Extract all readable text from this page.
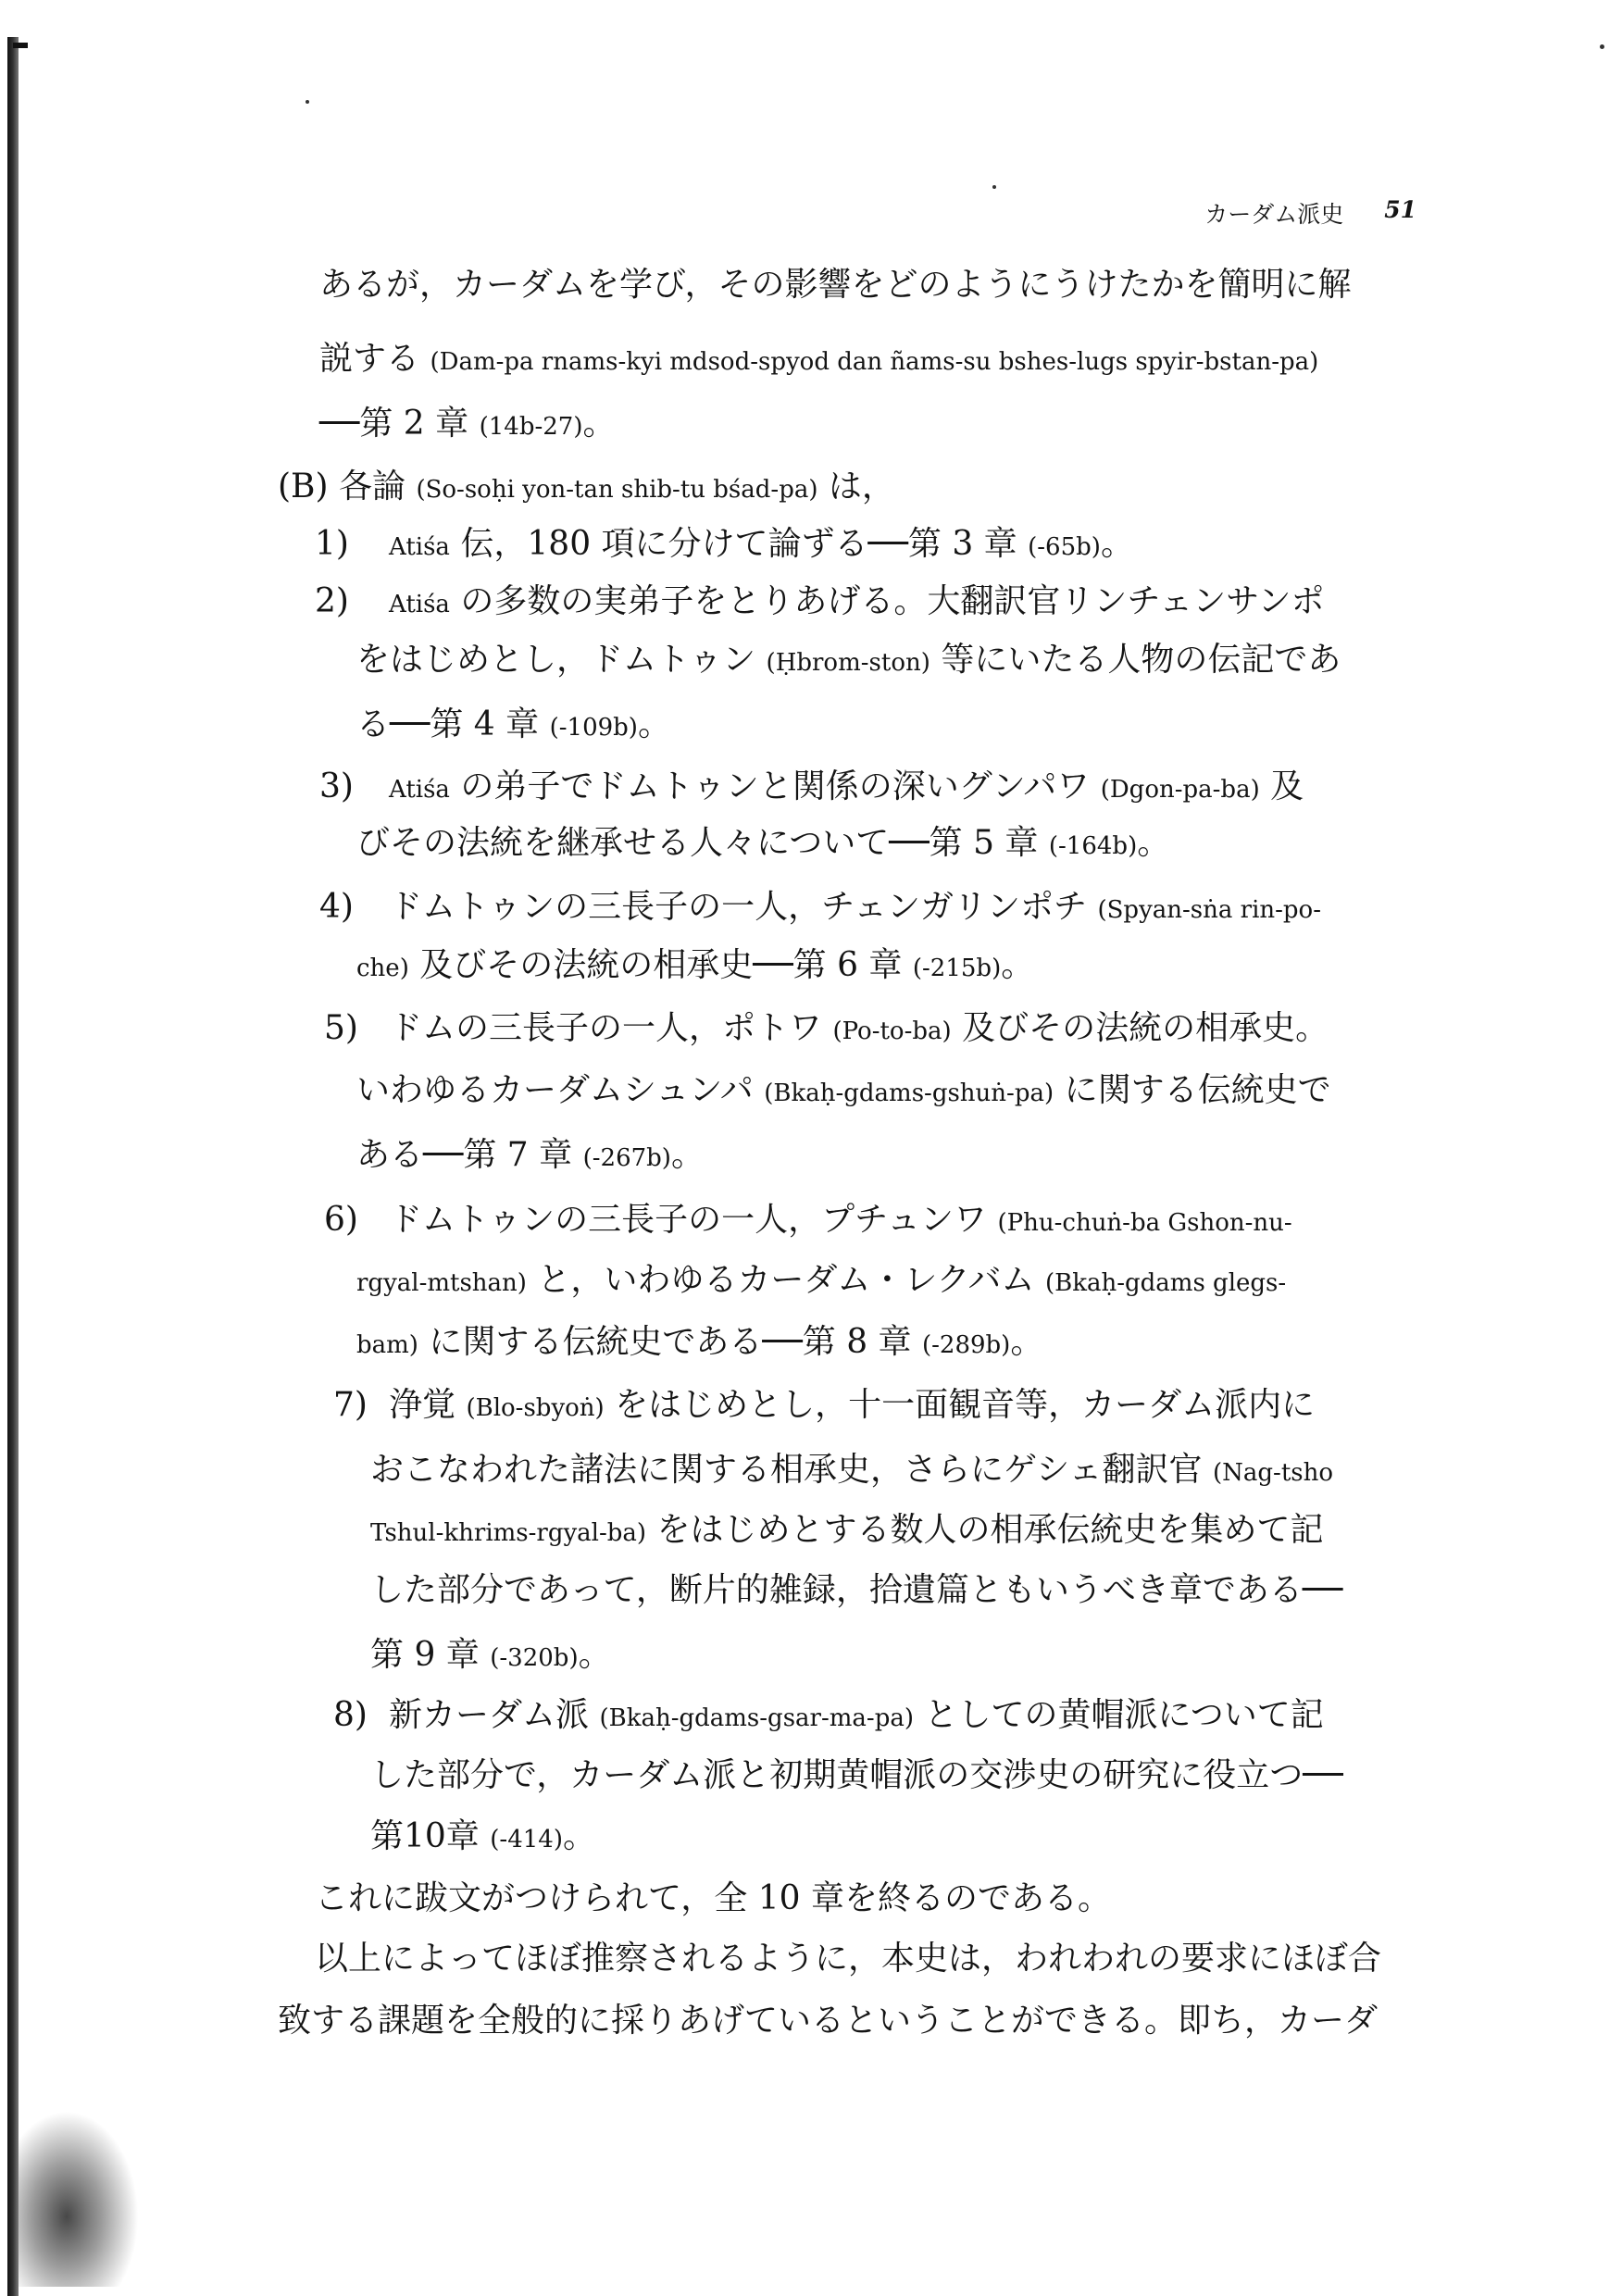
カーダム派史 51
あるが，カーダムを学び，その影響をどのようにうけたかを簡明に解
説する (Dam-pa rnams-kyi mdsod-spyod dan ñams-su bshes-lugs spyir-bstan-pa)
──第 2 章 (14b-27)。
(B) 各論 (So-soḥi yon-tan shib-tu bśad-pa) は，
1) Atiśa 伝，180 項に分けて論ずる──第 3 章 (-65b)。
2) Atiśa の多数の実弟子をとりあげる。大翻訳官リンチェンサンポ
をはじめとし，ドムトゥン (Ḥbrom-ston) 等にいたる人物の伝記であ
る──第 4 章 (-109b)。
3) Atiśa の弟子でドムトゥンと関係の深いグンパワ (Dgon-pa-ba) 及
びその法統を継承せる人々について──第 5 章 (-164b)。
4) ドムトゥンの三長子の一人，チェンガリンポチ (Spyan-sṅa rin-po-
che) 及びその法統の相承史──第 6 章 (-215b)。
5) ドムの三長子の一人，ポトワ (Po-to-ba) 及びその法統の相承史。
いわゆるカーダムシュンパ (Bkaḥ-gdams-gshuṅ-pa) に関する伝統史で
ある──第 7 章 (-267b)。
6) ドムトゥンの三長子の一人，プチュンワ (Phu-chuṅ-ba Gshon-nu-
rgyal-mtshan) と，いわゆるカーダム・レクバム (Bkaḥ-gdams glegs-
bam) に関する伝統史である──第 8 章 (-289b)。
7) 浄覚 (Blo-sbyoṅ) をはじめとし，十一面観音等，カーダム派内に
おこなわれた諸法に関する相承史，さらにゲシェ翻訳官 (Nag-tsho
Tshul-khrims-rgyal-ba) をはじめとする数人の相承伝統史を集めて記
した部分であって，断片的雑録，拾遺篇ともいうべき章である──
第 9 章 (-320b)。
8) 新カーダム派 (Bkaḥ-gdams-gsar-ma-pa) としての黄帽派について記
した部分で，カーダム派と初期黄帽派の交渉史の研究に役立つ──
第10章 (-414)。
これに跋文がつけられて，全 10 章を終るのである。
以上によってほぼ推察されるように，本史は，われわれの要求にほぼ合
致する課題を全般的に採りあげているということができる。即ち，カーダ
